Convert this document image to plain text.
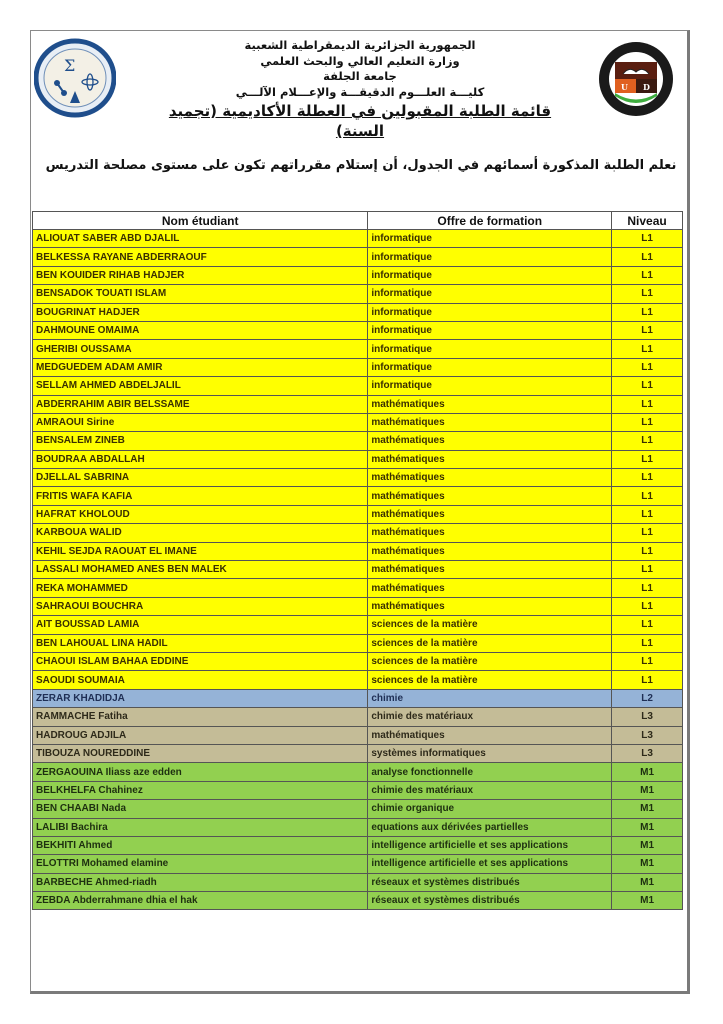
Σ
U D
الجمهورية الجزائرية الديمقراطية الشعبية
وزارة التعليم العالي والبحث العلمي
جامعة الجلفة
كليـــة العلـــوم الدقيقـــة والإعـــلام الآلـــي
قائمة الطلبة المقبولين في العطلة الأكاديمية (تجميد السنة)
نعلم الطلبة المذكورة أسمائهم في الجدول، أن إستلام مقرراتهم تكون على مستوى مصلحة التدريس
Nom étudiant	Offre de formation	Niveau
ALIOUAT SABER ABD DJALIL	informatique	L1
BELKESSA RAYANE ABDERRAOUF	informatique	L1
BEN KOUIDER RIHAB HADJER	informatique	L1
BENSADOK TOUATI ISLAM	informatique	L1
BOUGRINAT HADJER	informatique	L1
DAHMOUNE OMAIMA	informatique	L1
GHERIBI OUSSAMA	informatique	L1
MEDGUEDEM ADAM AMIR	informatique	L1
SELLAM AHMED ABDELJALIL	informatique	L1
ABDERRAHIM ABIR BELSSAME	mathématiques	L1
AMRAOUI Sirine	mathématiques	L1
BENSALEM ZINEB	mathématiques	L1
BOUDRAA ABDALLAH	mathématiques	L1
DJELLAL SABRINA	mathématiques	L1
FRITIS WAFA KAFIA	mathématiques	L1
HAFRAT KHOLOUD	mathématiques	L1
KARBOUA WALID	mathématiques	L1
KEHIL SEJDA RAOUAT EL IMANE	mathématiques	L1
LASSALI MOHAMED ANES BEN MALEK	mathématiques	L1
REKA MOHAMMED	mathématiques	L1
SAHRAOUI BOUCHRA	mathématiques	L1
AIT BOUSSAD LAMIA	sciences de la matière	L1
BEN LAHOUAL LINA HADIL	sciences de la matière	L1
CHAOUI ISLAM BAHAA EDDINE	sciences de la matière	L1
SAOUDI SOUMAIA	sciences de la matière	L1
ZERAR KHADIDJA	chimie	L2
RAMMACHE Fatiha	chimie des matériaux	L3
HADROUG ADJILA	mathématiques	L3
TIBOUZA NOUREDDINE	systèmes informatiques	L3
ZERGAOUINA Iliass aze edden	analyse fonctionnelle	M1
BELKHELFA Chahinez	chimie des matériaux	M1
BEN CHAABI Nada	chimie organique	M1
LALIBI Bachira	equations aux dérivées partielles	M1
BEKHITI Ahmed	intelligence artificielle et ses applications	M1
ELOTTRI Mohamed elamine	intelligence artificielle et ses applications	M1
BARBECHE Ahmed-riadh	réseaux et systèmes distribués	M1
ZEBDA Abderrahmane dhia el hak	réseaux et systèmes distribués	M1
